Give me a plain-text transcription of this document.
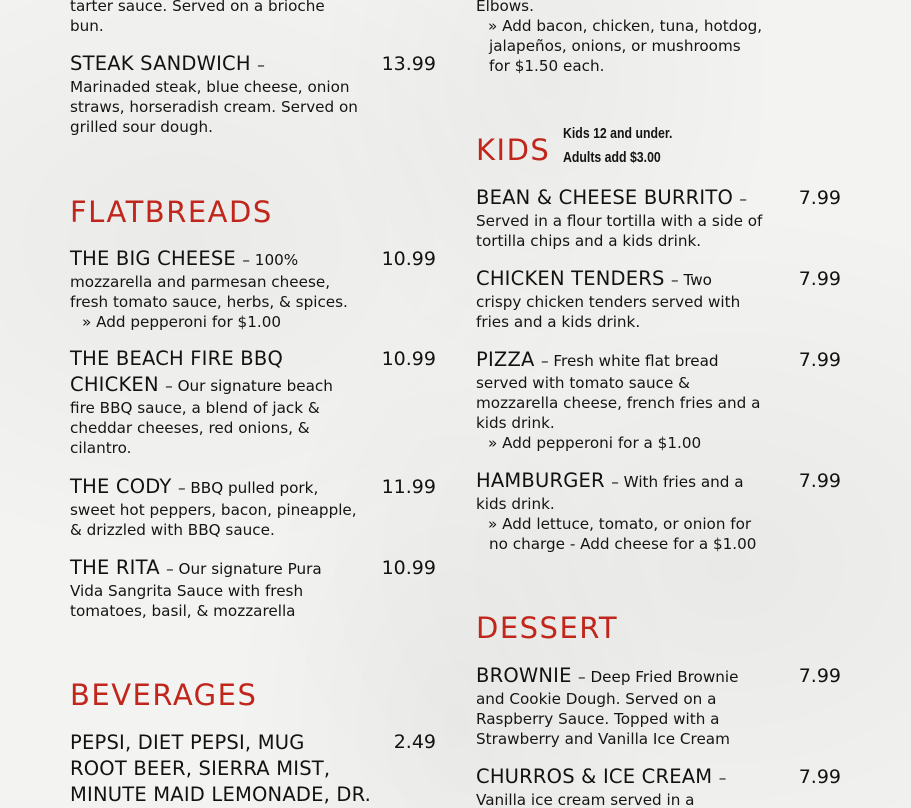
tarter sauce. Served on a brioche
bun.
STEAK SANDWICH –	13.99
Marinaded steak, blue cheese, onion
straws, horseradish cream. Served on
grilled sour dough.
FLATBREADS
THE BIG CHEESE – 100%	10.99
mozzarella and parmesan cheese,
fresh tomato sauce, herbs, & spices.
» Add pepperoni for $1.00
THE BEACH FIRE BBQ	10.99
CHICKEN – Our signature beach
fire BBQ sauce, a blend of jack &
cheddar cheeses, red onions, &
cilantro.
THE CODY – BBQ pulled pork,	11.99
sweet hot peppers, bacon, pineapple,
& drizzled with BBQ sauce.
THE RITA – Our signature Pura	10.99
Vida Sangrita Sauce with fresh
tomatoes, basil, & mozzarella
BEVERAGES
2.49
PEPSI, DIET PEPSI, MUG
ROOT BEER, SIERRA MIST,
MINUTE MAID LEMONADE, DR.
Elbows.
» Add bacon, chicken, tuna, hotdog,
jalapeños, onions, or mushrooms
for $1.50 each.
KIDS Kids 12 and under.
Adults add $3.00
BEAN & CHEESE BURRITO –	7.99
Served in a flour tortilla with a side of
tortilla chips and a kids drink.
CHICKEN TENDERS – Two	7.99
crispy chicken tenders served with
fries and a kids drink.
PIZZA – Fresh white flat bread	7.99
served with tomato sauce &
mozzarella cheese, french fries and a
kids drink.
» Add pepperoni for a $1.00
HAMBURGER – With fries and a	7.99
kids drink.
» Add lettuce, tomato, or onion for
no charge - Add cheese for a $1.00
DESSERT
BROWNIE – Deep Fried Brownie	7.99
and Cookie Dough. Served on a
Raspberry Sauce. Topped with a
Strawberry and Vanilla Ice Cream
CHURROS & ICE CREAM –	7.99
Vanilla ice cream served in a
